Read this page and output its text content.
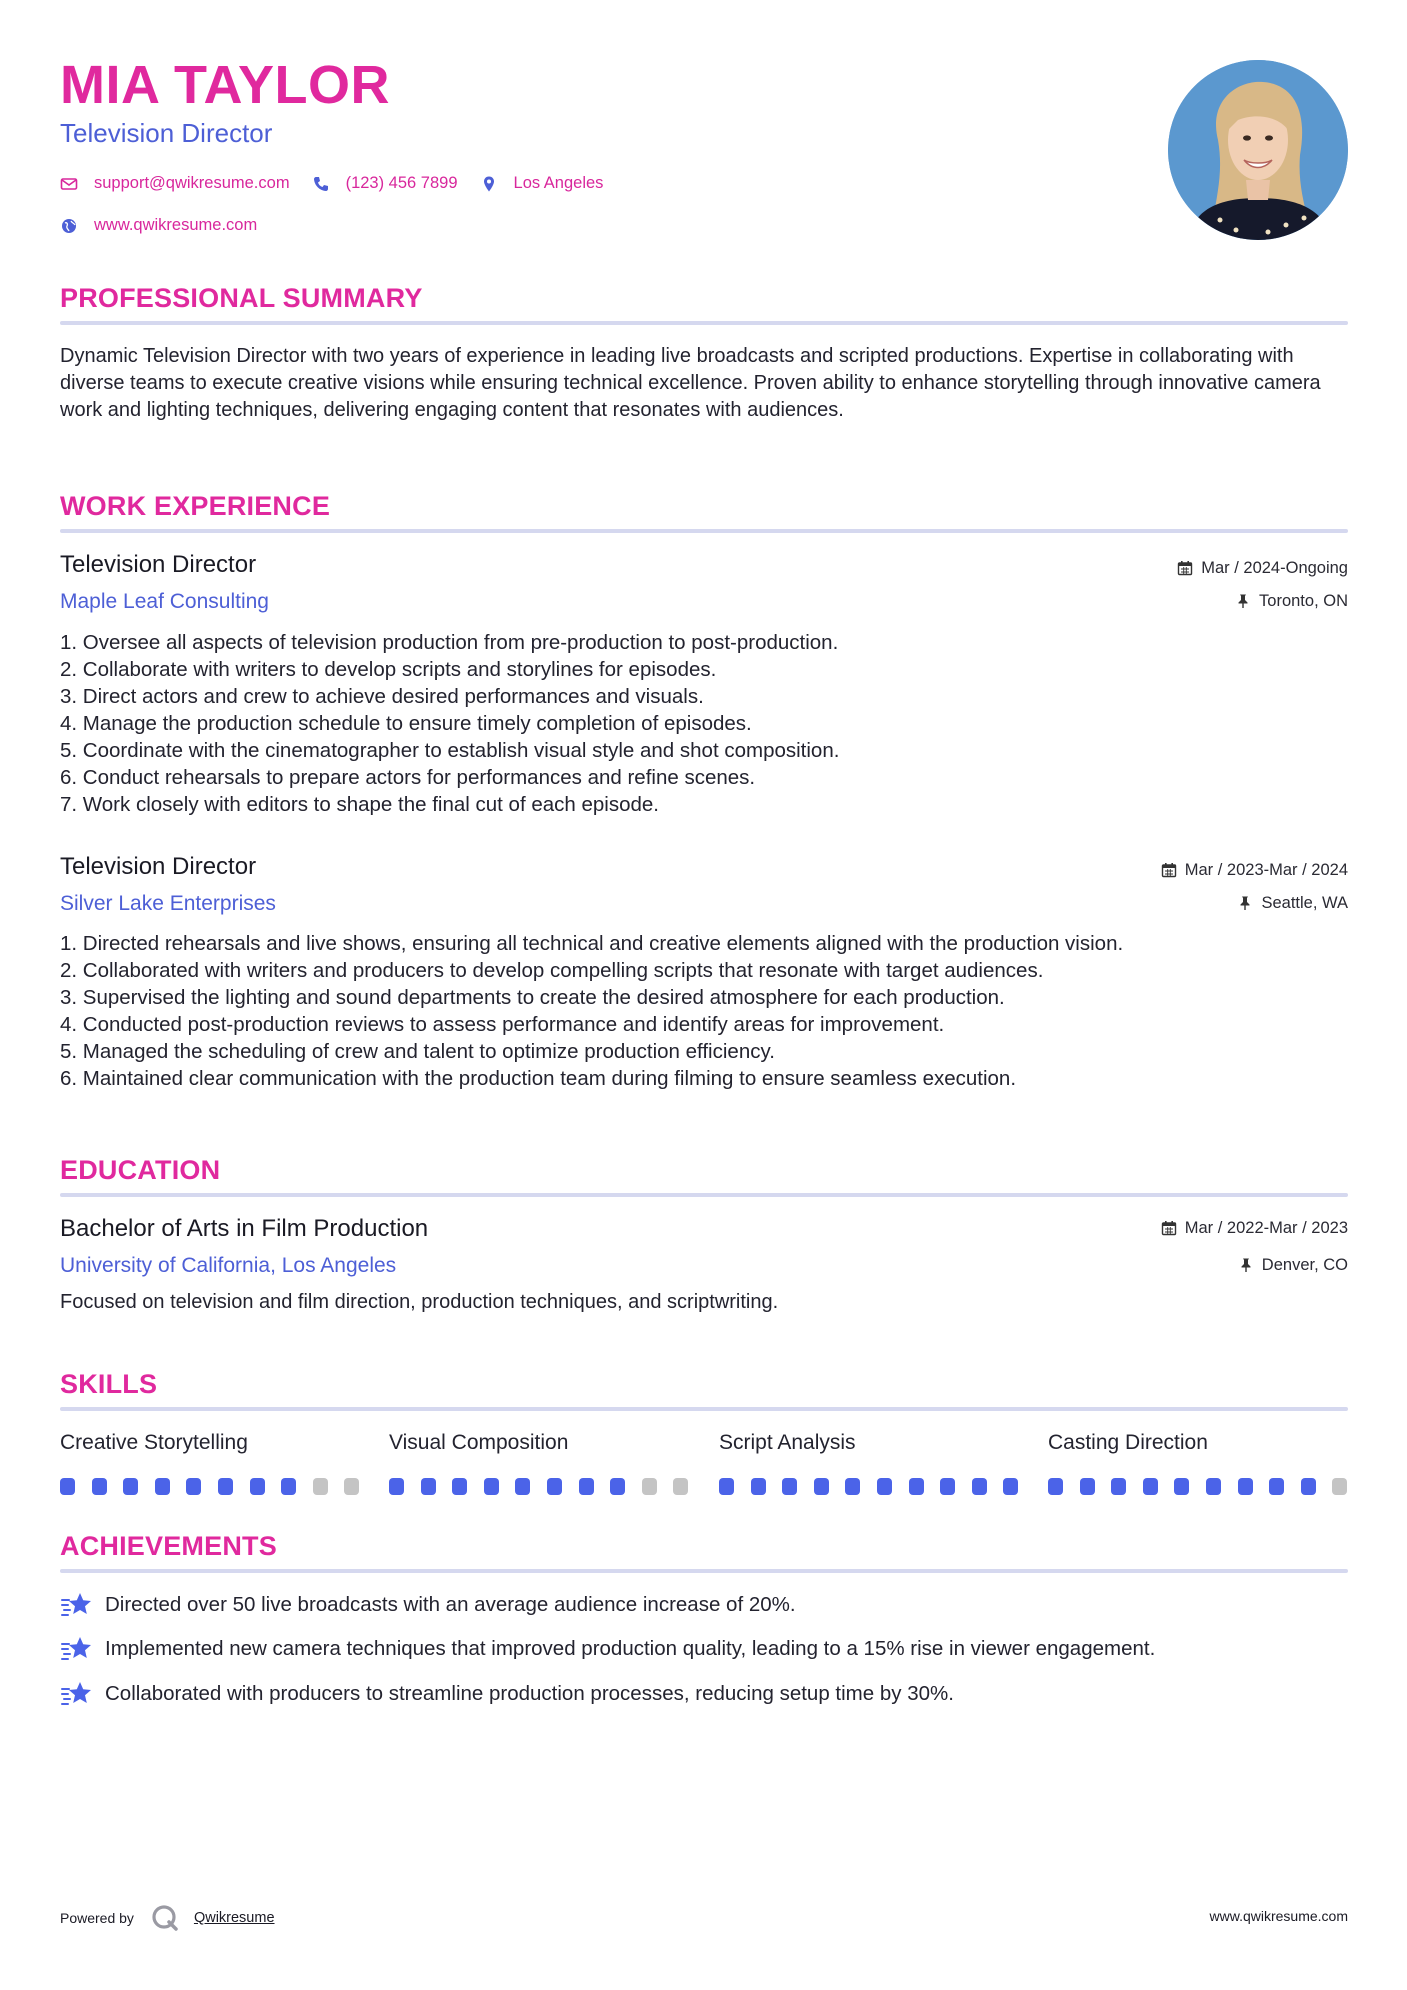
MIA TAYLOR
Television Director
support@qwikresume.com	(123) 456 7899	Los Angeles
www.qwikresume.com
PROFESSIONAL SUMMARY
Dynamic Television Director with two years of experience in leading live broadcasts and scripted productions. Expertise in collaborating with diverse teams to execute creative visions while ensuring technical excellence. Proven ability to enhance storytelling through innovative camera work and lighting techniques, delivering engaging content that resonates with audiences.
WORK EXPERIENCE
Television Director
Maple Leaf Consulting
Mar / 2024-Ongoing
Toronto, ON
1. Oversee all aspects of television production from pre-production to post-production.
2. Collaborate with writers to develop scripts and storylines for episodes.
3. Direct actors and crew to achieve desired performances and visuals.
4. Manage the production schedule to ensure timely completion of episodes.
5. Coordinate with the cinematographer to establish visual style and shot composition.
6. Conduct rehearsals to prepare actors for performances and refine scenes.
7. Work closely with editors to shape the final cut of each episode.
Television Director
Silver Lake Enterprises
Mar / 2023-Mar / 2024
Seattle, WA
1. Directed rehearsals and live shows, ensuring all technical and creative elements aligned with the production vision.
2. Collaborated with writers and producers to develop compelling scripts that resonate with target audiences.
3. Supervised the lighting and sound departments to create the desired atmosphere for each production.
4. Conducted post-production reviews to assess performance and identify areas for improvement.
5. Managed the scheduling of crew and talent to optimize production efficiency.
6. Maintained clear communication with the production team during filming to ensure seamless execution.
EDUCATION
Bachelor of Arts in Film Production
University of California, Los Angeles
Mar / 2022-Mar / 2023
Denver, CO
Focused on television and film direction, production techniques, and scriptwriting.
SKILLS
Creative Storytelling	Visual Composition	Script Analysis	Casting Direction
ACHIEVEMENTS
Directed over 50 live broadcasts with an average audience increase of 20%.
Implemented new camera techniques that improved production quality, leading to a 15% rise in viewer engagement.
Collaborated with producers to streamline production processes, reducing setup time by 30%.
Powered by	Qwikresume	www.qwikresume.com
